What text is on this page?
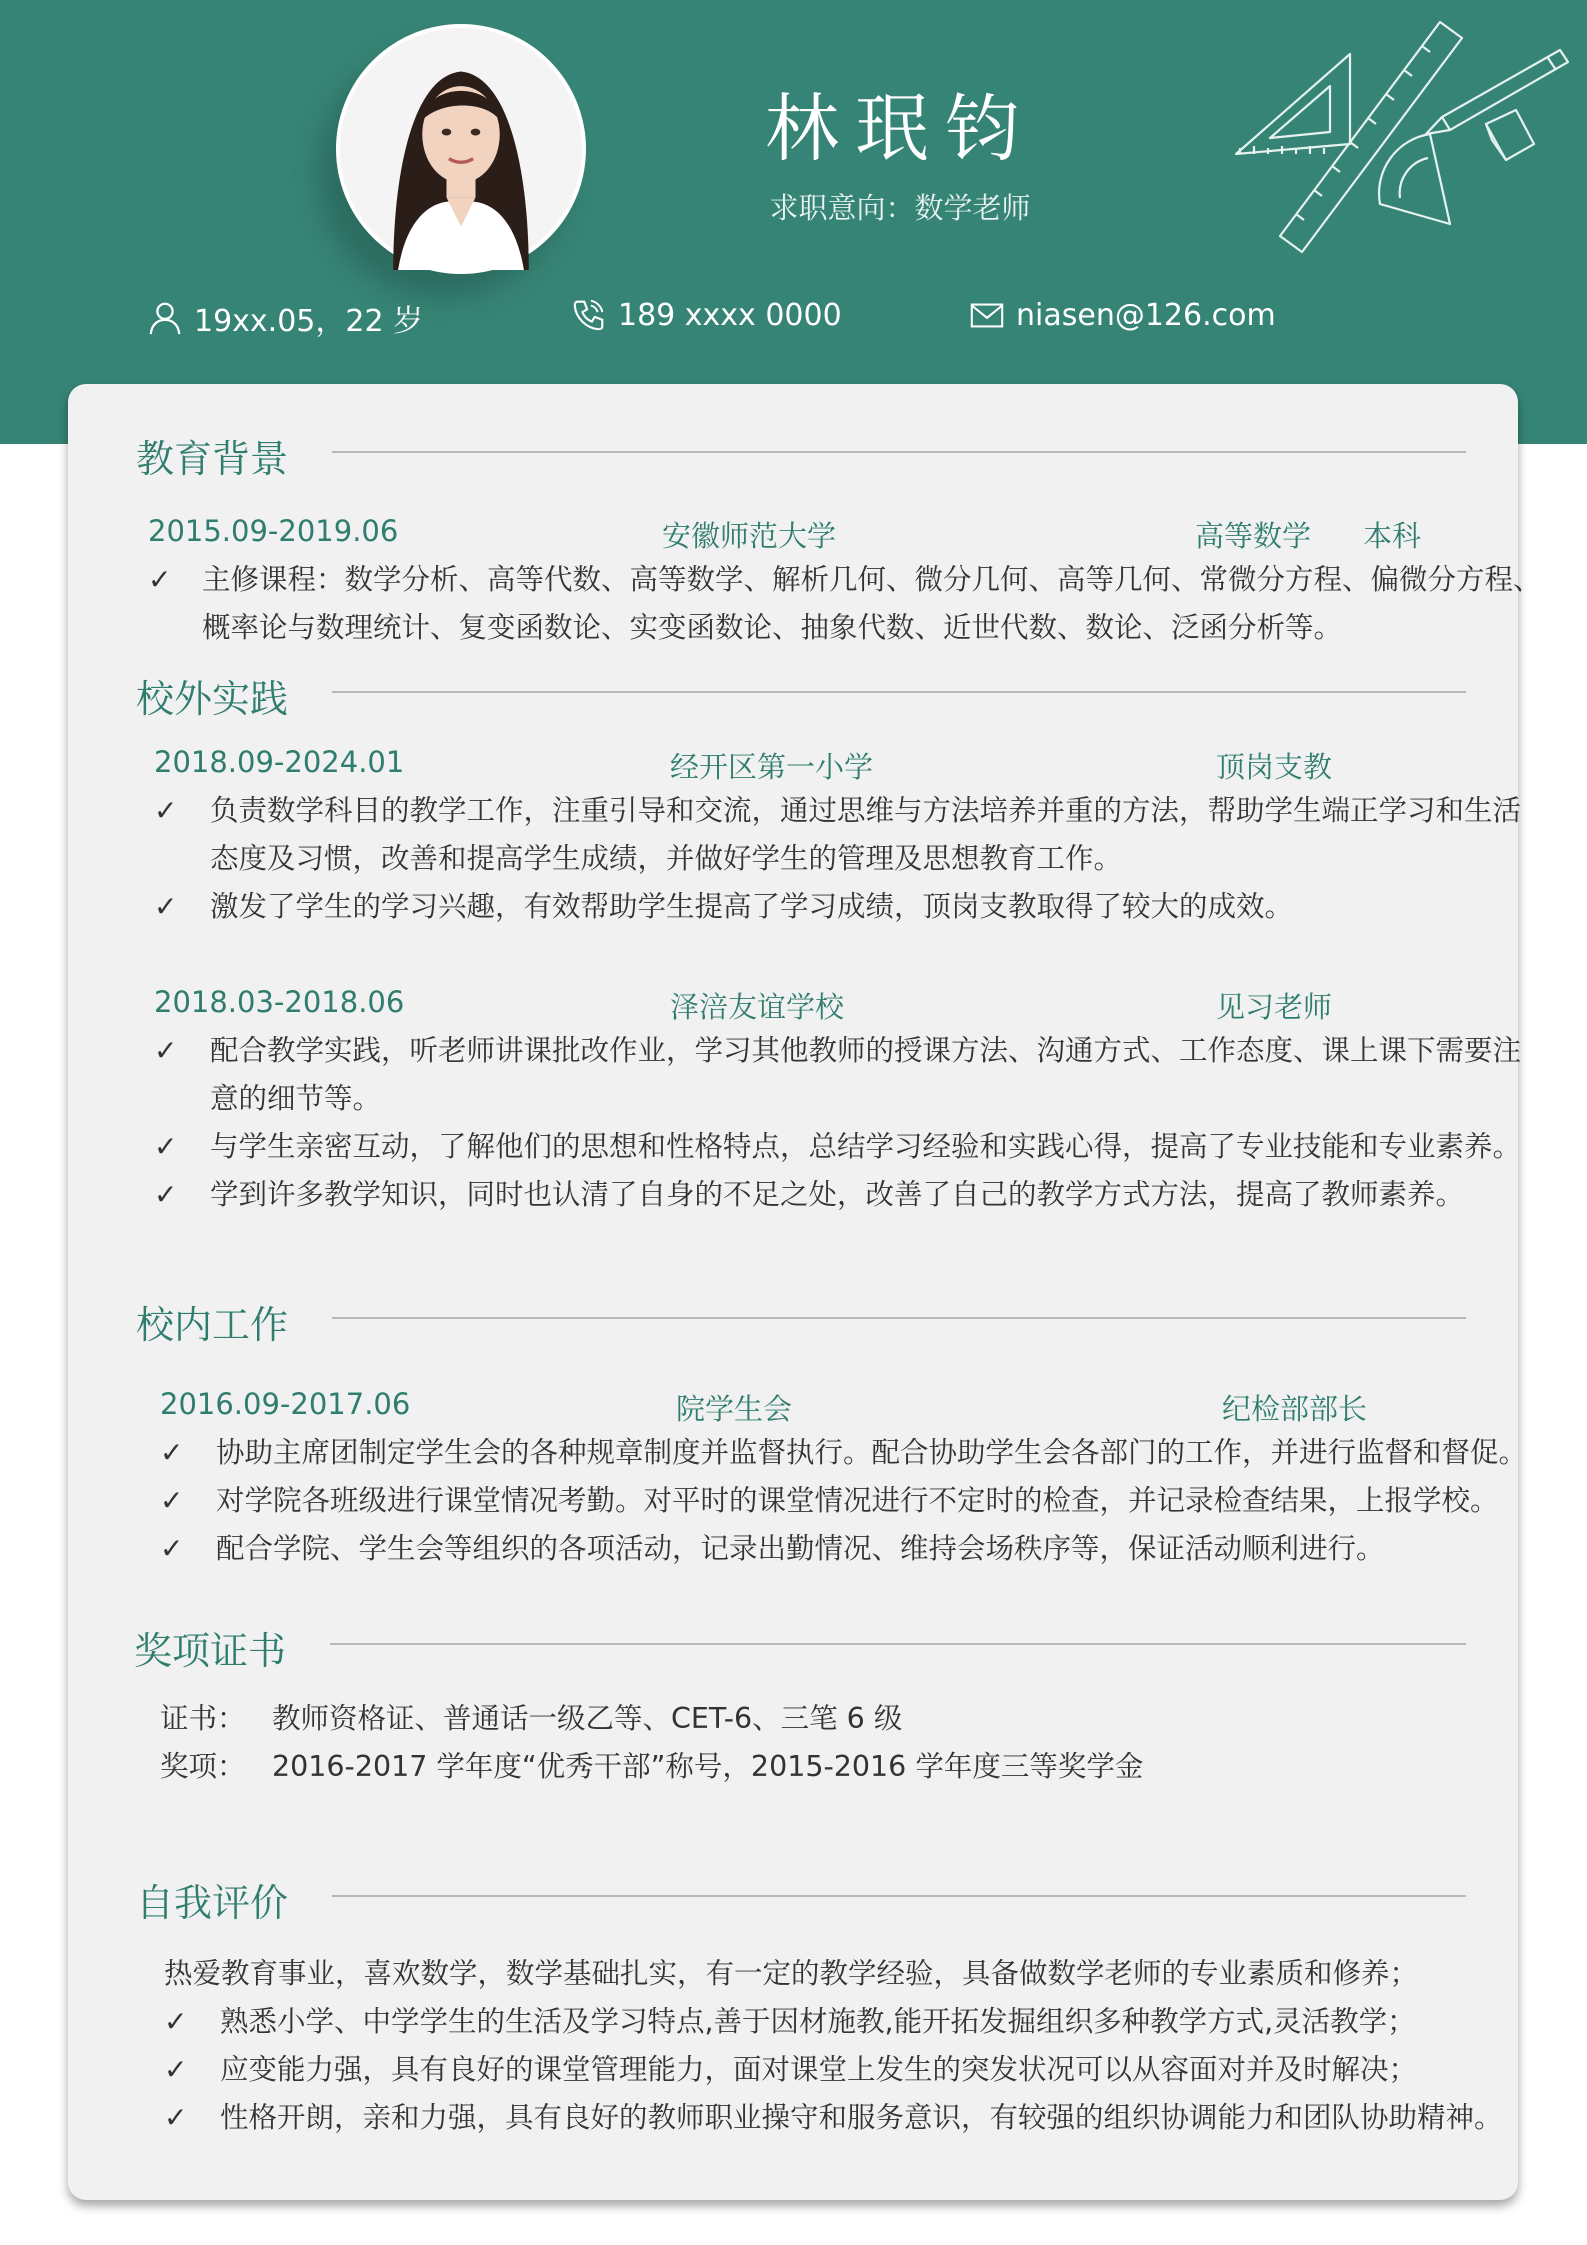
林珉钧
求职意向：数学老师
19xx.05，22 岁	189 xxxx 0000	niasen@126.com
教育背景
2015.09-2019.06	安徽师范大学	高等数学 本科
✓ 主修课程：数学分析、高等代数、高等数学、解析几何、微分几何、高等几何、常微分方程、偏微分方程、
概率论与数理统计、复变函数论、实变函数论、抽象代数、近世代数、数论、泛函分析等。
校外实践
2018.09-2024.01	经开区第一小学	顶岗支教
✓ 负责数学科目的教学工作，注重引导和交流，通过思维与方法培养并重的方法，帮助学生端正学习和生活
态度及习惯，改善和提高学生成绩，并做好学生的管理及思想教育工作。
✓ 激发了学生的学习兴趣，有效帮助学生提高了学习成绩，顶岗支教取得了较大的成效。
2018.03-2018.06	泽涪友谊学校	见习老师
✓ 配合教学实践，听老师讲课批改作业，学习其他教师的授课方法、沟通方式、工作态度、课上课下需要注
意的细节等。
✓ 与学生亲密互动，了解他们的思想和性格特点，总结学习经验和实践心得，提高了专业技能和专业素养。
✓ 学到许多教学知识，同时也认清了自身的不足之处，改善了自己的教学方式方法，提高了教师素养。
校内工作
2016.09-2017.06	院学生会	纪检部部长
✓ 协助主席团制定学生会的各种规章制度并监督执行。配合协助学生会各部门的工作，并进行监督和督促。
✓ 对学院各班级进行课堂情况考勤。对平时的课堂情况进行不定时的检查，并记录检查结果，上报学校。
✓ 配合学院、学生会等组织的各项活动，记录出勤情况、维持会场秩序等，保证活动顺利进行。
奖项证书
证书： 教师资格证、普通话一级乙等、CET-6、三笔 6 级
奖项： 2016-2017 学年度“优秀干部”称号，2015-2016 学年度三等奖学金
自我评价
热爱教育事业，喜欢数学，数学基础扎实，有一定的教学经验，具备做数学老师的专业素质和修养；
✓ 熟悉小学、中学学生的生活及学习特点,善于因材施教,能开拓发掘组织多种教学方式,灵活教学；
✓ 应变能力强，具有良好的课堂管理能力，面对课堂上发生的突发状况可以从容面对并及时解决；
✓ 性格开朗，亲和力强，具有良好的教师职业操守和服务意识，有较强的组织协调能力和团队协助精神。
